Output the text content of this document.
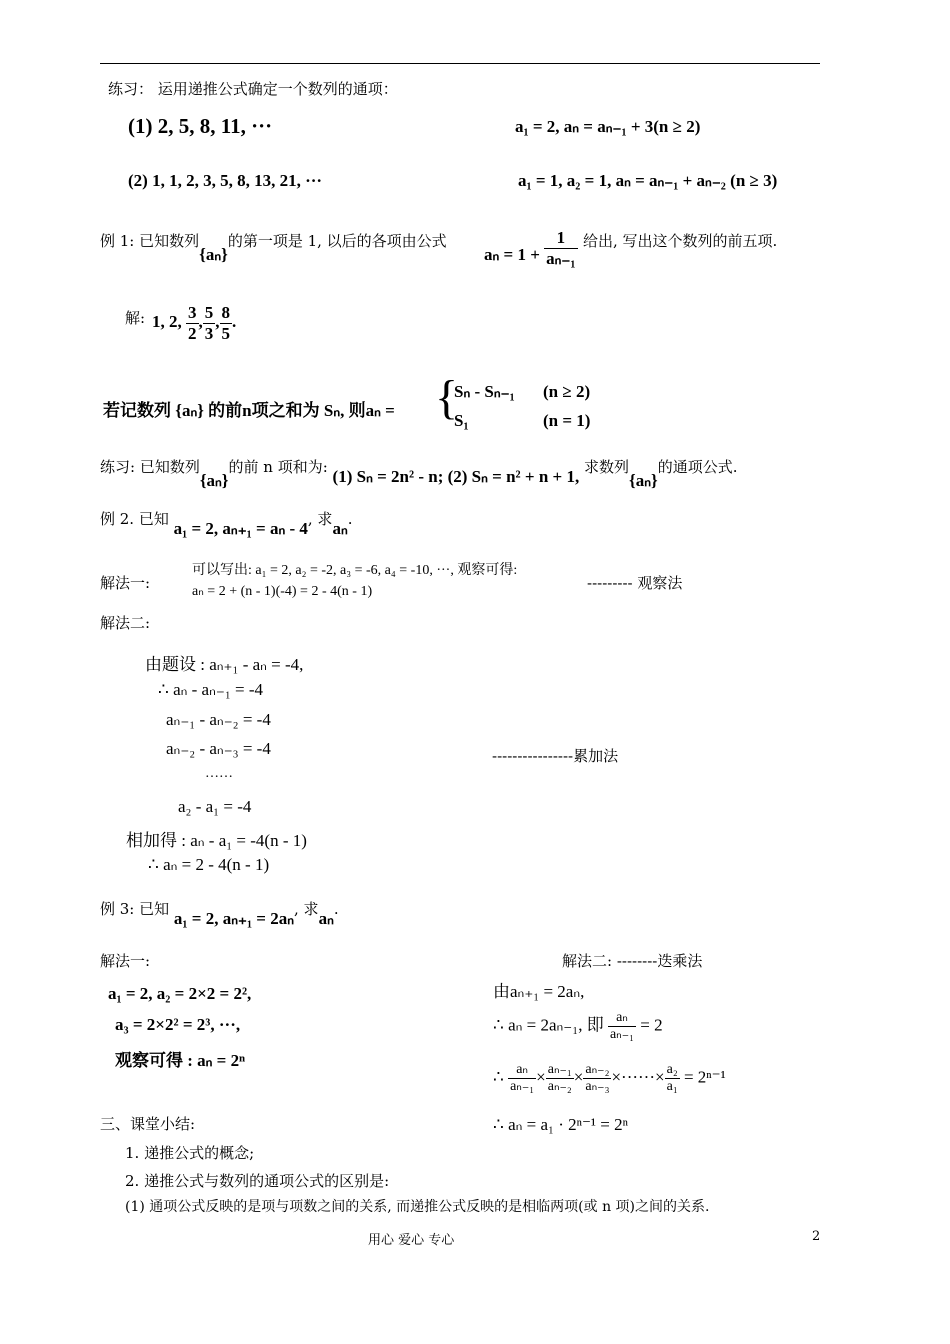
练习： 运用递推公式确定一个数列的通项：
(1) 2, 5, 8, 11, ···	a₁ = 2, aₙ = aₙ₋₁ + 3(n ≥ 2)
(2) 1, 1, 2, 3, 5, 8, 13, 21, ···	a₁ = 1, a₂ = 1, aₙ = aₙ₋₁ + aₙ₋₂ (n ≥ 3)
例 1: 已知数列{aₙ}的第一项是 1, 以后的各项由公式
$a_n = 1 + \frac{1}{\text{aₙ₋₁}}$ 给出, 写出这个数列的前五项.
解: 1, 2, $\frac{3}{2}$ , $\frac{5}{3}$ , $\frac{8}{5}$ .
若记数列 {aₙ} 的前n项之和为 Sₙ, 则aₙ = {
Sₙ - Sₙ₋₁ (n ≥ 2)
S₁	(n = 1)
练习: 已知数列{aₙ}的前 n 项和为: (1) Sₙ = 2n² - n; (2) Sₙ = n² + n + 1, 求数列{aₙ}的通项公式.
例 2. 已知 a₁ = 2, aₙ₊₁ = aₙ - 4, 求aₙ.
解法一:
可以写出: a₁ = 2, a₂ = -2, a₃ = -6, a₄ = -10, ···, 观察可得:
aₙ = 2 + (n - 1)(-4) = 2 - 4(n - 1)	--------- 观察法
解法二:
由题设 : aₙ₊₁ - aₙ = -4,
∴ aₙ - aₙ₋₁ = -4
aₙ₋₁ - aₙ₋₂ = -4
aₙ₋₂ - aₙ₋₃ = -4
……
a₂ - a₁ = -4
相加得 : aₙ - a₁ = -4(n - 1)
∴ aₙ = 2 - 4(n - 1)
----------------累加法
例 3: 已知 a₁ = 2, aₙ₊₁ = 2aₙ, 求aₙ.
解法一:
a₁ = 2, a₂ = 2×2 = 2²,
a₃ = 2×2² = 2³, ···,
观察可得 : aₙ = 2ⁿ
解法二: --------迭乘法
由aₙ₊₁ = 2aₙ,
∴ aₙ = 2aₙ₋₁, 即 $\frac{\text{aₙ}}{\text{aₙ₋₁}} = 2$
∴ $\frac{\text{aₙ}}{\text{aₙ₋₁}} \times \frac{\text{aₙ₋₁}}{\text{aₙ₋₂}} \times \frac{\text{aₙ₋₂}}{\text{aₙ₋₃}}$ ×······× $\frac{\text{a₂}}{\text{a₁}} = 2^{n-1}$
∴ aₙ = a₁ · 2ⁿ⁻¹ = 2ⁿ
三、课堂小结:
1. 递推公式的概念;
2. 递推公式与数列的通项公式的区别是:
(1) 通项公式反映的是项与项数之间的关系, 而递推公式反映的是相临两项(或 n 项)之间的关系.
用心 爱心 专心	2
